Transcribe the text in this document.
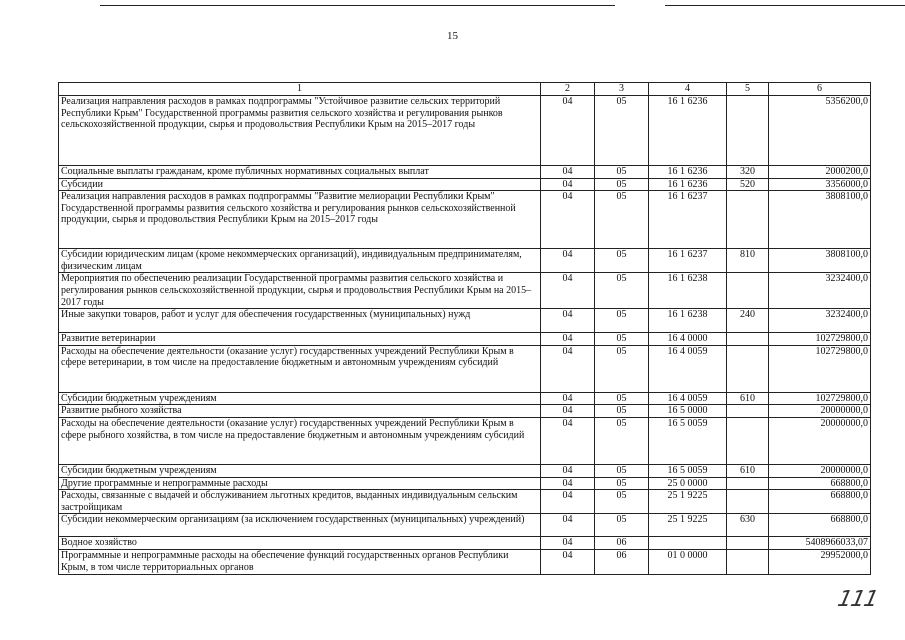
15
1	2	3	4	5	6
Реализация направления расходов в рамках подпрограммы "Устойчивое развитие сельских территорий Республики Крым" Государственной программы развития сельского хозяйства и регулирования рынков сельскохозяйственной продукции, сырья и продовольствия Республики Крым на 2015–2017 годы	04	05	16 1 6236		5356200,0
Социальные выплаты гражданам, кроме публичных нормативных социальных выплат	04	05	16 1 6236	320	2000200,0
Субсидии	04	05	16 1 6236	520	3356000,0
Реализация направления расходов в рамках подпрограммы "Развитие мелиорации Республики Крым" Государственной программы развития сельского хозяйства и регулирования рынков сельскохозяйственной продукции, сырья и продовольствия Республики Крым на 2015–2017 годы	04	05	16 1 6237		3808100,0
Субсидии юридическим лицам (кроме некоммерческих организаций), индивидуальным предпринимателям, физическим лицам	04	05	16 1 6237	810	3808100,0
Мероприятия по обеспечению реализации Государственной программы развития сельского хозяйства и регулирования рынков сельскохозяйственной продукции, сырья и продовольствия Республики Крым на 2015–2017 годы	04	05	16 1 6238		3232400,0
Иные закупки товаров, работ и услуг для обеспечения государственных (муниципальных) нужд	04	05	16 1 6238	240	3232400,0
Развитие ветеринарии	04	05	16 4 0000		102729800,0
Расходы на обеспечение деятельности (оказание услуг) государственных учреждений Республики Крым в сфере ветеринарии, в том числе на предоставление бюджетным и автономным учреждениям субсидий	04	05	16 4 0059		102729800,0
Субсидии бюджетным учреждениям	04	05	16 4 0059	610	102729800,0
Развитие рыбного хозяйства	04	05	16 5 0000		20000000,0
Расходы на обеспечение деятельности (оказание услуг) государственных учреждений Республики Крым в сфере рыбного хозяйства, в том числе на предоставление бюджетным и автономным учреждениям субсидий	04	05	16 5 0059		20000000,0
Субсидии бюджетным учреждениям	04	05	16 5 0059	610	20000000,0
Другие программные и непрограммные расходы	04	05	25 0 0000		668800,0
Расходы, связанные с выдачей и обслуживанием льготных кредитов, выданных индивидуальным сельским застройщикам	04	05	25 1 9225		668800,0
Субсидии некоммерческим организациям (за исключением государственных (муниципальных) учреждений)	04	05	25 1 9225	630	668800,0
Водное хозяйство	04	06			5408966033,07
Программные и непрограммные расходы на обеспечение функций государственных органов Республики Крым, в том числе территориальных органов	04	06	01 0 0000		29952000,0
111
